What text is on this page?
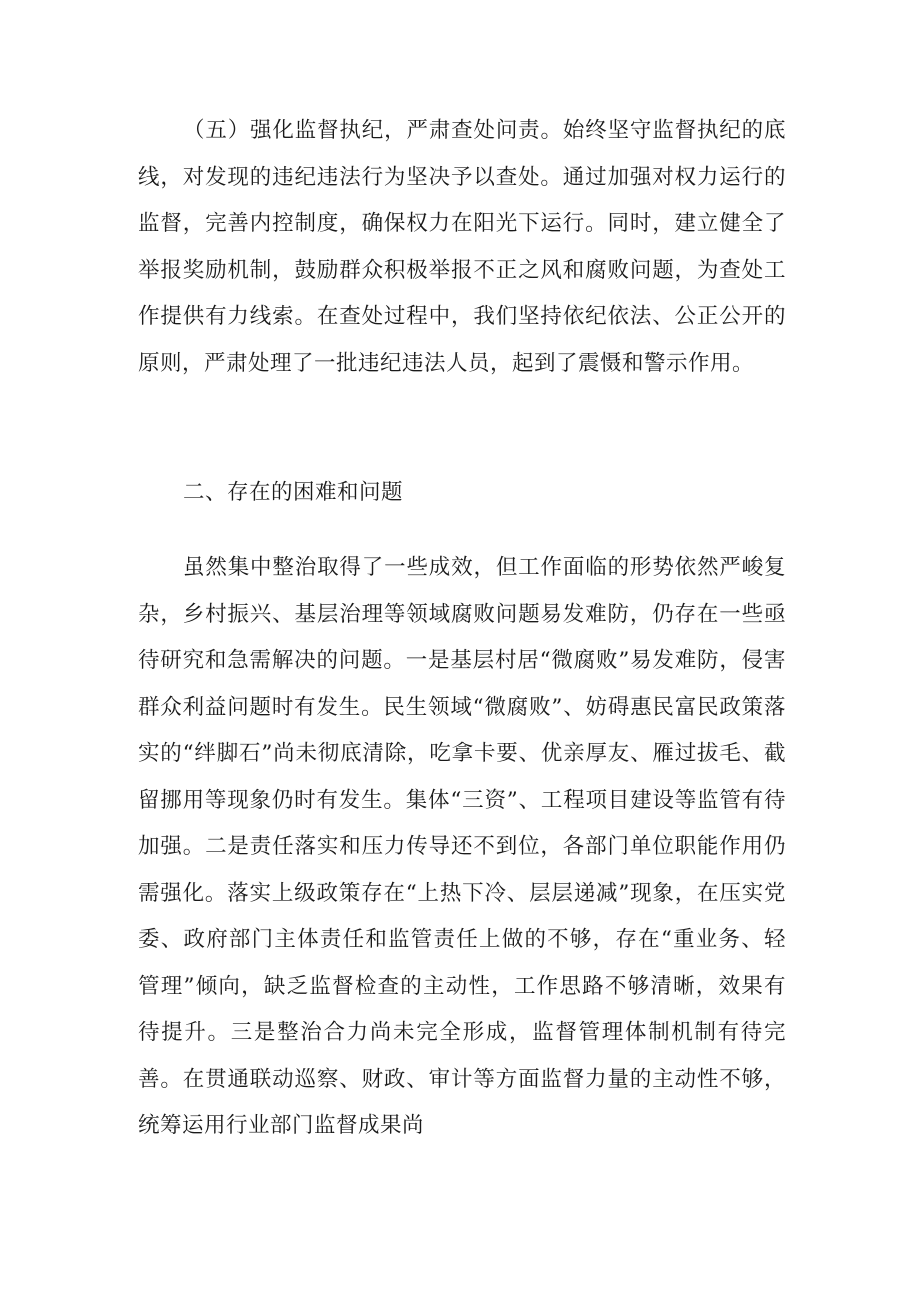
（五）强化监督执纪，严肃查处问责。始终坚守监督执纪的底线，对发现的违纪违法行为坚决予以查处。通过加强对权力运行的监督，完善内控制度，确保权力在阳光下运行。同时，建立健全了举报奖励机制，鼓励群众积极举报不正之风和腐败问题，为查处工作提供有力线索。在查处过程中，我们坚持依纪依法、公正公开的原则，严肃处理了一批违纪违法人员，起到了震慑和警示作用。

二、存在的困难和问题

虽然集中整治取得了一些成效，但工作面临的形势依然严峻复杂，乡村振兴、基层治理等领域腐败问题易发难防，仍存在一些亟待研究和急需解决的问题。一是基层村居“微腐败”易发难防，侵害群众利益问题时有发生。民生领域“微腐败”、妨碍惠民富民政策落实的“绊脚石”尚未彻底清除，吃拿卡要、优亲厚友、雁过拔毛、截留挪用等现象仍时有发生。集体“三资”、工程项目建设等监管有待加强。二是责任落实和压力传导还不到位，各部门单位职能作用仍需强化。落实上级政策存在“上热下冷、层层递减”现象，在压实党委、政府部门主体责任和监管责任上做的不够，存在“重业务、轻管理”倾向，缺乏监督检查的主动性，工作思路不够清晰，效果有待提升。三是整治合力尚未完全形成，监督管理体制机制有待完善。在贯通联动巡察、财政、审计等方面监督力量的主动性不够，统筹运用行业部门监督成果尚
